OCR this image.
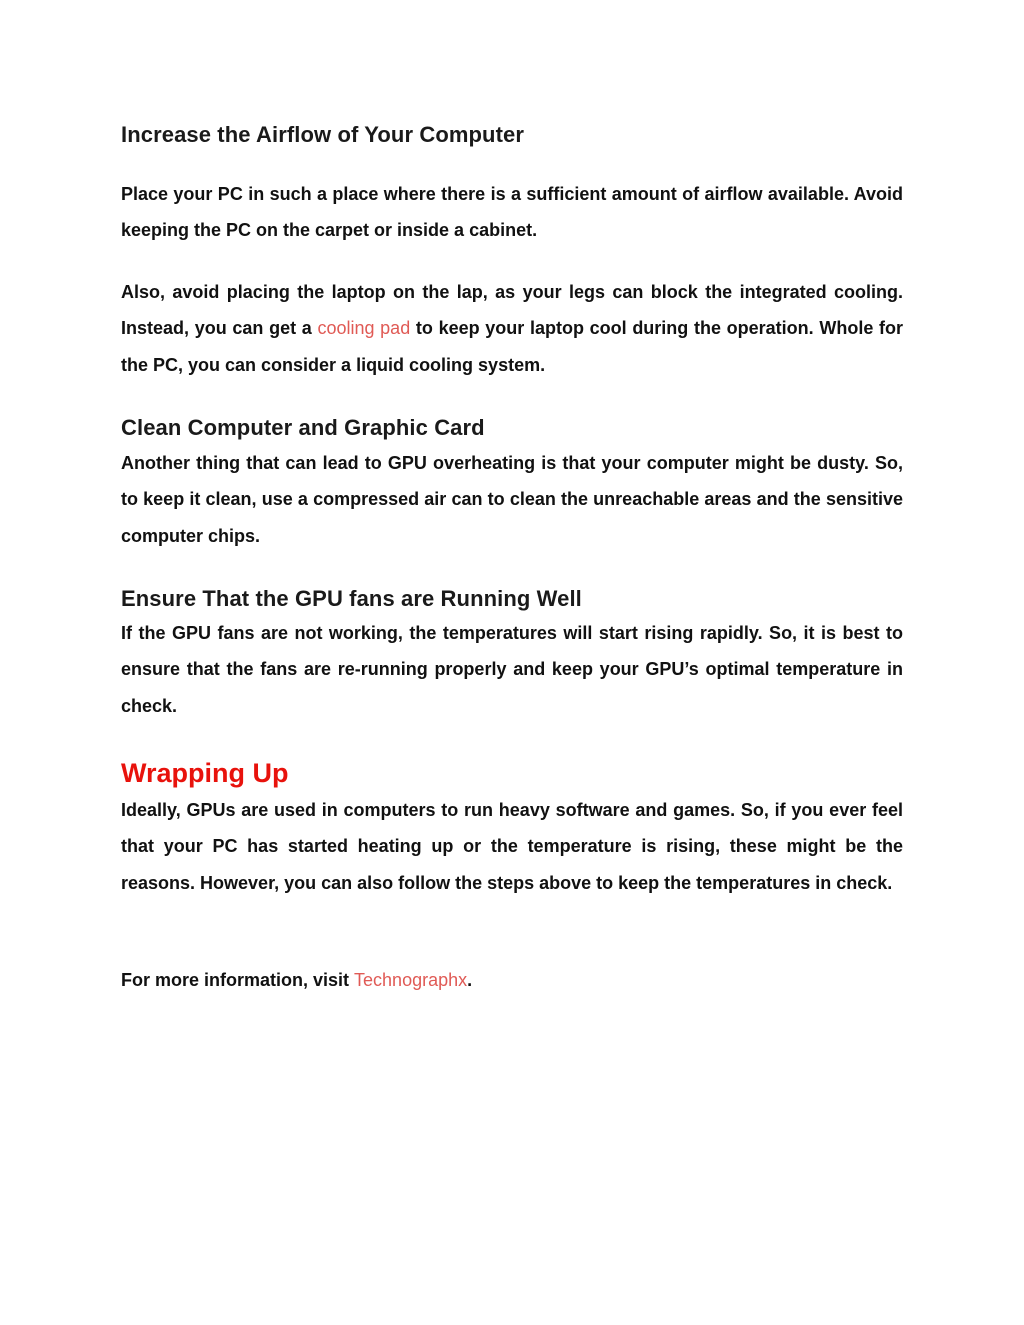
Increase the Airflow of Your Computer

Place your PC in such a place where there is a sufficient amount of airflow available. Avoid keeping the PC on the carpet or inside a cabinet.

Also, avoid placing the laptop on the lap, as your legs can block the integrated cooling. Instead, you can get a cooling pad to keep your laptop cool during the operation. Whole for the PC, you can consider a liquid cooling system.

Clean Computer and Graphic Card

Another thing that can lead to GPU overheating is that your computer might be dusty. So, to keep it clean, use a compressed air can to clean the unreachable areas and the sensitive computer chips.

Ensure That the GPU fans are Running Well

If the GPU fans are not working, the temperatures will start rising rapidly. So, it is best to ensure that the fans are re-running properly and keep your GPU’s optimal temperature in check.

Wrapping Up

Ideally, GPUs are used in computers to run heavy software and games. So, if you ever feel that your PC has started heating up or the temperature is rising, these might be the reasons. However, you can also follow the steps above to keep the temperatures in check.

For more information, visit Technographx.
